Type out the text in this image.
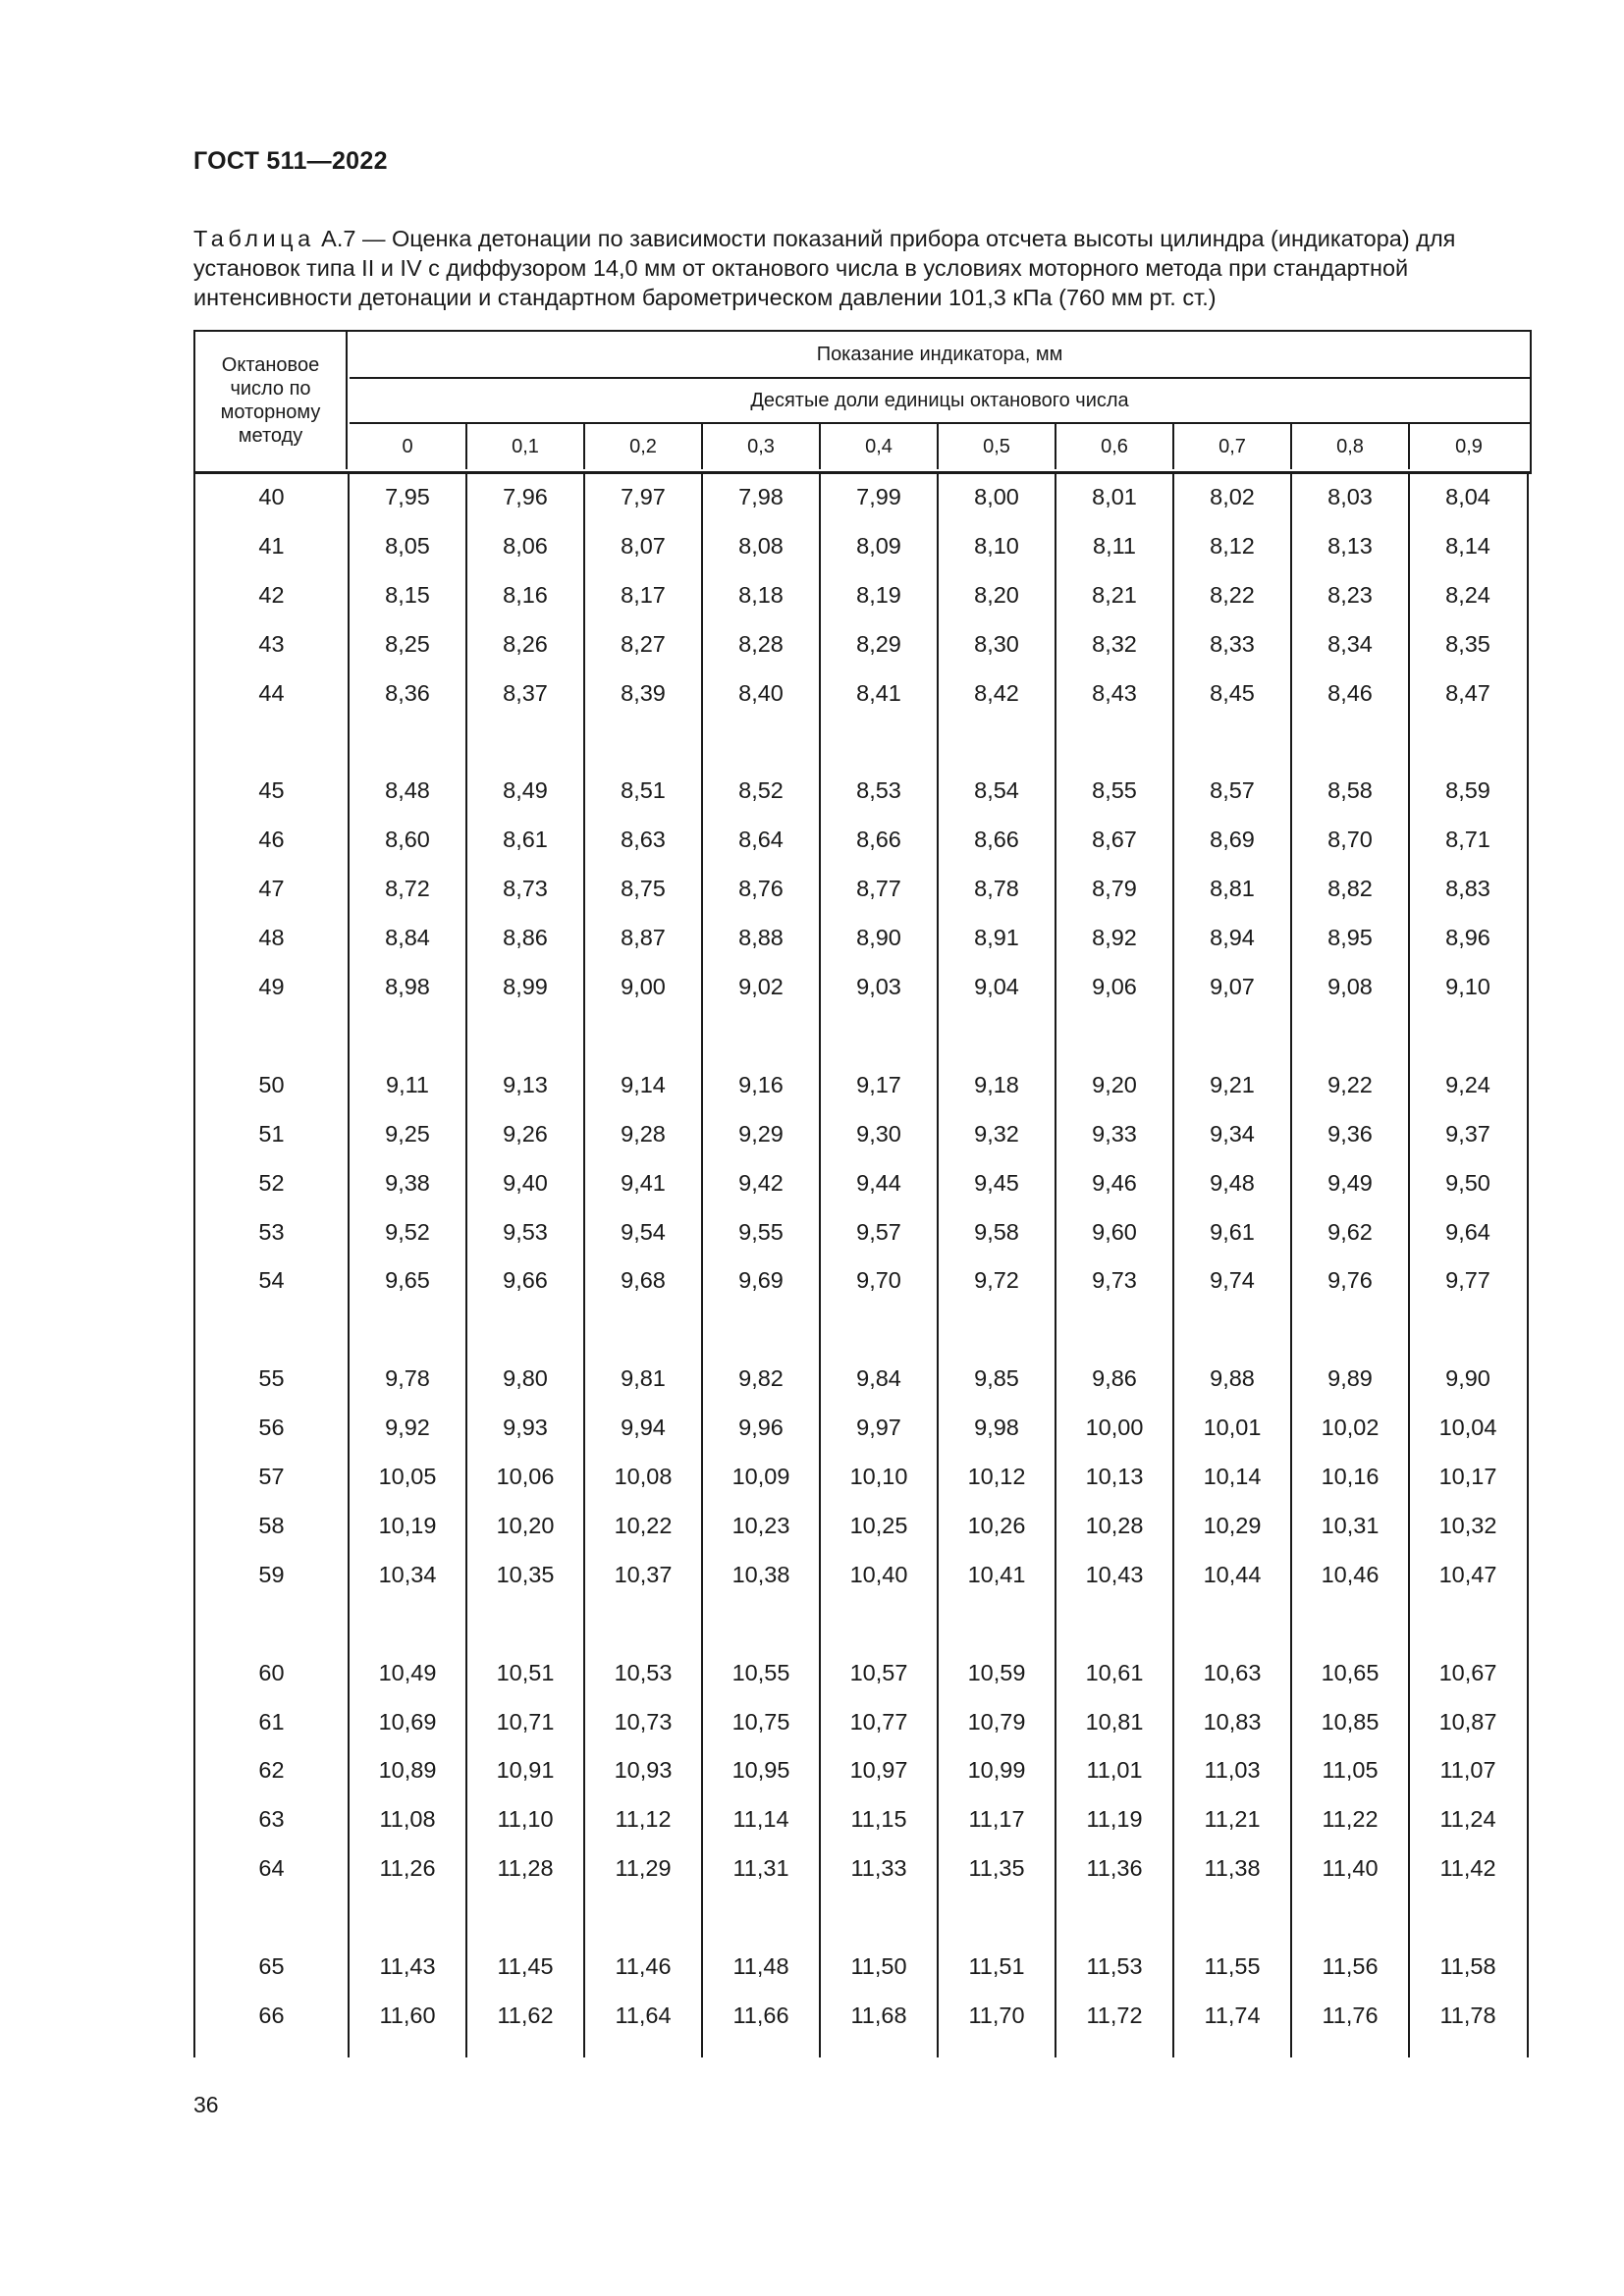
ГОСТ 511—2022
Таблица А.7 — Оценка детонации по зависимости показаний прибора отсчета высоты цилиндра (индикатора) для установок типа II и IV с диффузором 14,0 мм от октанового числа в условиях моторного метода при стандартной интенсивности детонации и стандартном барометрическом давлении 101,3 кПа (760 мм рт. ст.)
Октановое
число по
моторному
методу
Показание индикатора, мм
Десятые доли единицы октанового числа
0	0,1	0,2	0,3	0,4	0,5	0,6	0,7	0,8	0,9
40	7,95	7,96	7,97	7,98	7,99	8,00	8,01	8,02	8,03	8,04
41	8,05	8,06	8,07	8,08	8,09	8,10	8,11	8,12	8,13	8,14
42	8,15	8,16	8,17	8,18	8,19	8,20	8,21	8,22	8,23	8,24
43	8,25	8,26	8,27	8,28	8,29	8,30	8,32	8,33	8,34	8,35
44	8,36	8,37	8,39	8,40	8,41	8,42	8,43	8,45	8,46	8,47
45	8,48	8,49	8,51	8,52	8,53	8,54	8,55	8,57	8,58	8,59
46	8,60	8,61	8,63	8,64	8,66	8,66	8,67	8,69	8,70	8,71
47	8,72	8,73	8,75	8,76	8,77	8,78	8,79	8,81	8,82	8,83
48	8,84	8,86	8,87	8,88	8,90	8,91	8,92	8,94	8,95	8,96
49	8,98	8,99	9,00	9,02	9,03	9,04	9,06	9,07	9,08	9,10
50	9,11	9,13	9,14	9,16	9,17	9,18	9,20	9,21	9,22	9,24
51	9,25	9,26	9,28	9,29	9,30	9,32	9,33	9,34	9,36	9,37
52	9,38	9,40	9,41	9,42	9,44	9,45	9,46	9,48	9,49	9,50
53	9,52	9,53	9,54	9,55	9,57	9,58	9,60	9,61	9,62	9,64
54	9,65	9,66	9,68	9,69	9,70	9,72	9,73	9,74	9,76	9,77
55	9,78	9,80	9,81	9,82	9,84	9,85	9,86	9,88	9,89	9,90
56	9,92	9,93	9,94	9,96	9,97	9,98	10,00	10,01	10,02	10,04
57	10,05	10,06	10,08	10,09	10,10	10,12	10,13	10,14	10,16	10,17
58	10,19	10,20	10,22	10,23	10,25	10,26	10,28	10,29	10,31	10,32
59	10,34	10,35	10,37	10,38	10,40	10,41	10,43	10,44	10,46	10,47
60	10,49	10,51	10,53	10,55	10,57	10,59	10,61	10,63	10,65	10,67
61	10,69	10,71	10,73	10,75	10,77	10,79	10,81	10,83	10,85	10,87
62	10,89	10,91	10,93	10,95	10,97	10,99	11,01	11,03	11,05	11,07
63	11,08	11,10	11,12	11,14	11,15	11,17	11,19	11,21	11,22	11,24
64	11,26	11,28	11,29	11,31	11,33	11,35	11,36	11,38	11,40	11,42
65	11,43	11,45	11,46	11,48	11,50	11,51	11,53	11,55	11,56	11,58
66	11,60	11,62	11,64	11,66	11,68	11,70	11,72	11,74	11,76	11,78
36
